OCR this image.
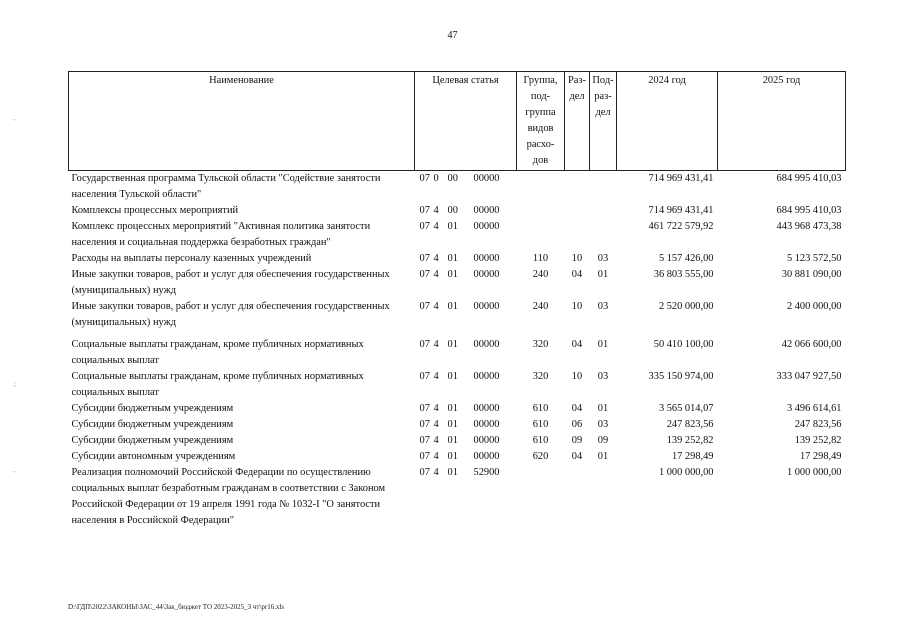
47
Наименование	Целевая статья	Группа, под- группа видов расхо- дов	Раз- дел	Под- раз- дел	2024 год	2025 год
Государственная программа Тульской области "Содействие занятости населения Тульской области"	07 0 00 00000				714 969 431,41	684 995 410,03
Комплексы процессных мероприятий	07 4 00 00000				714 969 431,41	684 995 410,03
Комплекс процессных мероприятий "Активная политика занятости населения и социальная поддержка безработных граждан"	07 4 01 00000				461 722 579,92	443 968 473,38
Расходы на выплаты персоналу казенных учреждений	07 4 01 00000	110	10	03	5 157 426,00	5 123 572,50
Иные закупки товаров, работ и услуг для обеспечения государственных (муниципальных) нужд	07 4 01 00000	240	04	01	36 803 555,00	30 881 090,00
Иные закупки товаров, работ и услуг для обеспечения государственных (муниципальных) нужд	07 4 01 00000	240	10	03	2 520 000,00	2 400 000,00

Социальные выплаты гражданам, кроме публичных нормативных социальных выплат	07 4 01 00000	320	04	01	50 410 100,00	42 066 600,00
Социальные выплаты гражданам, кроме публичных нормативных социальных выплат	07 4 01 00000	320	10	03	335 150 974,00	333 047 927,50
Субсидии бюджетным учреждениям	07 4 01 00000	610	04	01	3 565 014,07	3 496 614,61
Субсидии бюджетным учреждениям	07 4 01 00000	610	06	03	247 823,56	247 823,56
Субсидии бюджетным учреждениям	07 4 01 00000	610	09	09	139 252,82	139 252,82
Субсидии автономным учреждениям	07 4 01 00000	620	04	01	17 298,49	17 298,49
Реализация полномочий Российской Федерации по осуществлению социальных выплат безработным гражданам в соответствии с Законом Российской Федерации от 19 апреля 1991 года № 1032-I "О занятости населения в Российской Федерации"	07 4 01 52900				1 000 000,00	1 000 000,00
D:\ГДП\2022\ЗАКОНЫ\ЗАС_44\Зак_бюджет ТО 2023-2025_3 чт\pr16.xls
'
;
'
